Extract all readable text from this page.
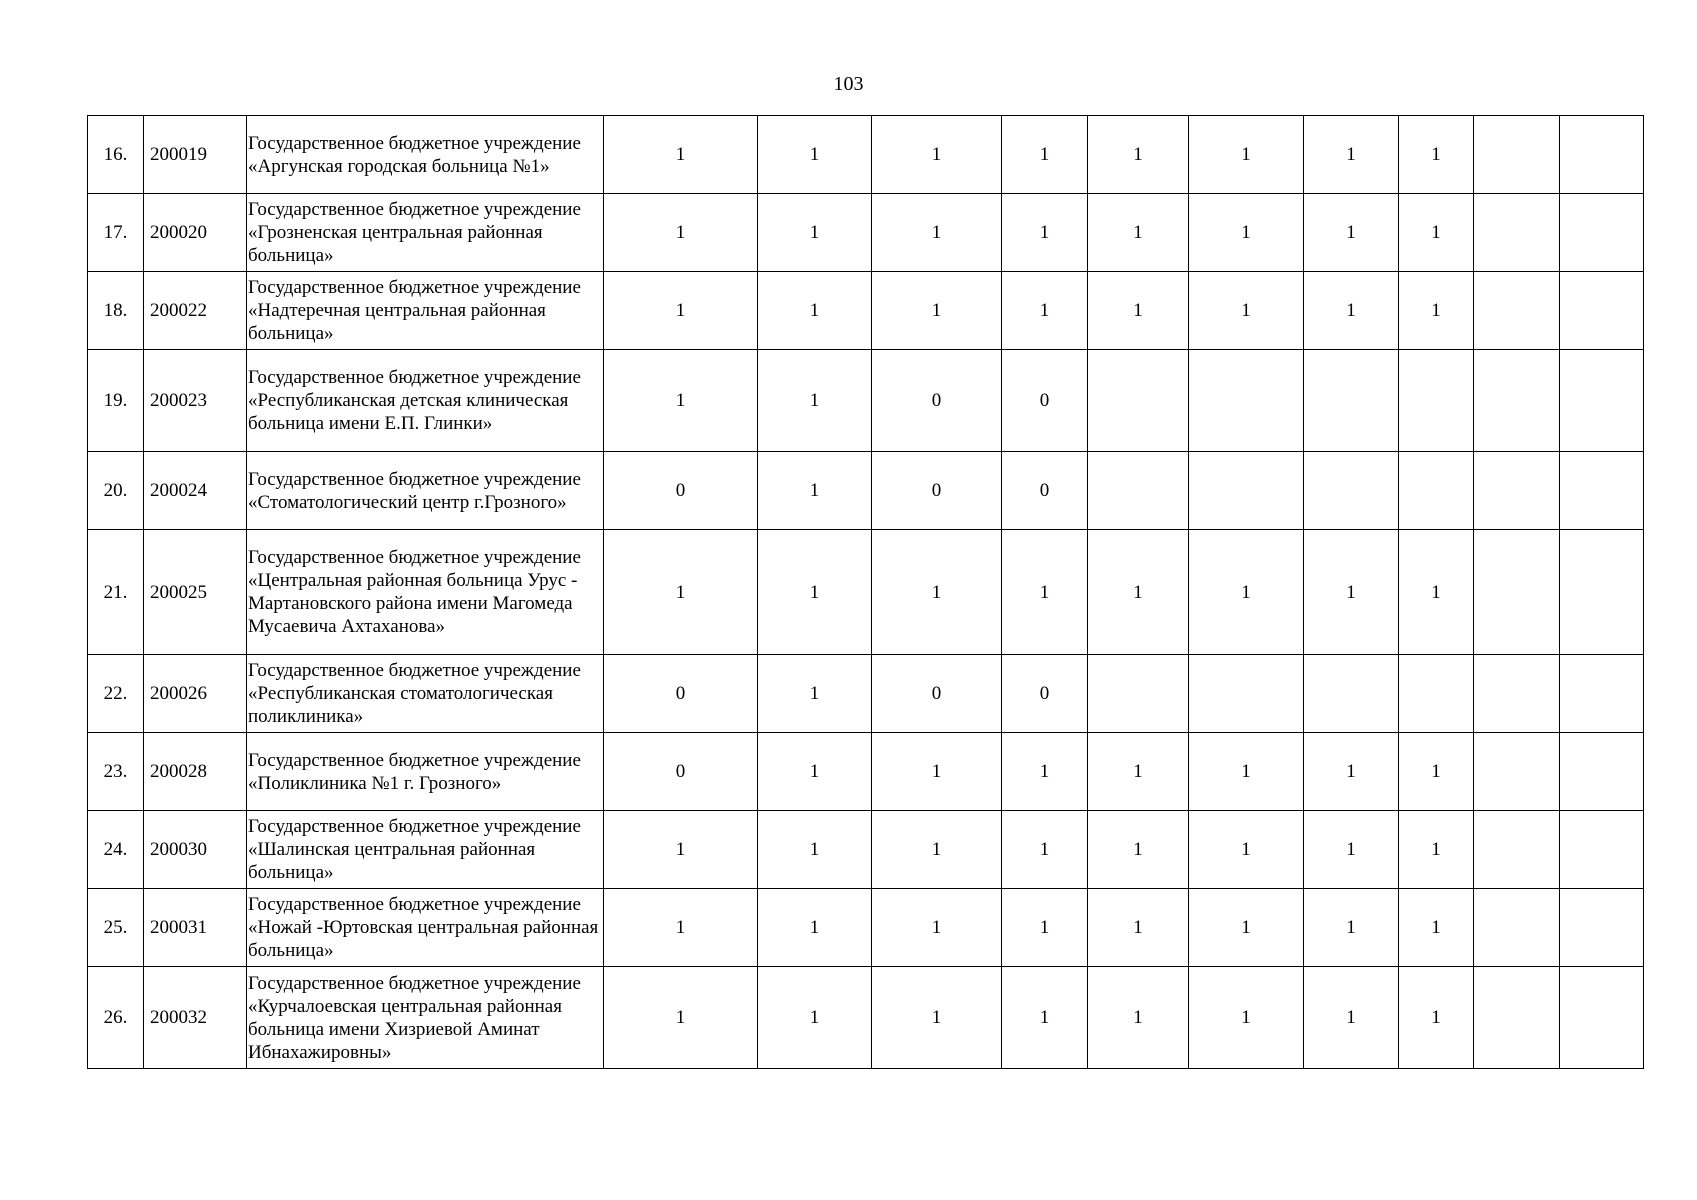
103
16.	200019	Государственное бюджетное учреждение «Аргунская городская больница №1»	1	1	1	1	1	1	1	1		
17.	200020	Государственное бюджетное учреждение «Грозненская центральная районная больница»	1	1	1	1	1	1	1	1		
18.	200022	Государственное бюджетное учреждение «Надтеречная центральная районная больница»	1	1	1	1	1	1	1	1		
19.	200023	Государственное бюджетное учреждение «Республиканская детская клиническая больница имени Е.П. Глинки»	1	1	0	0						
20.	200024	Государственное бюджетное учреждение «Стоматологический центр г.Грозного»	0	1	0	0						
21.	200025	Государственное бюджетное учреждение «Центральная районная больница Урус - Мартановского района имени Магомеда Мусаевича Ахтаханова»	1	1	1	1	1	1	1	1		
22.	200026	Государственное бюджетное учреждение «Республиканская стоматологическая поликлиника»	0	1	0	0						
23.	200028	Государственное бюджетное учреждение «Поликлиника №1 г. Грозного»	0	1	1	1	1	1	1	1		
24.	200030	Государственное бюджетное учреждение «Шалинская центральная районная больница»	1	1	1	1	1	1	1	1		
25.	200031	Государственное бюджетное учреждение «Ножай -Юртовская центральная районная больница»	1	1	1	1	1	1	1	1		
26.	200032	Государственное бюджетное учреждение «Курчалоевская центральная районная больница имени Хизриевой Аминат Ибнахажировны»	1	1	1	1	1	1	1	1		
